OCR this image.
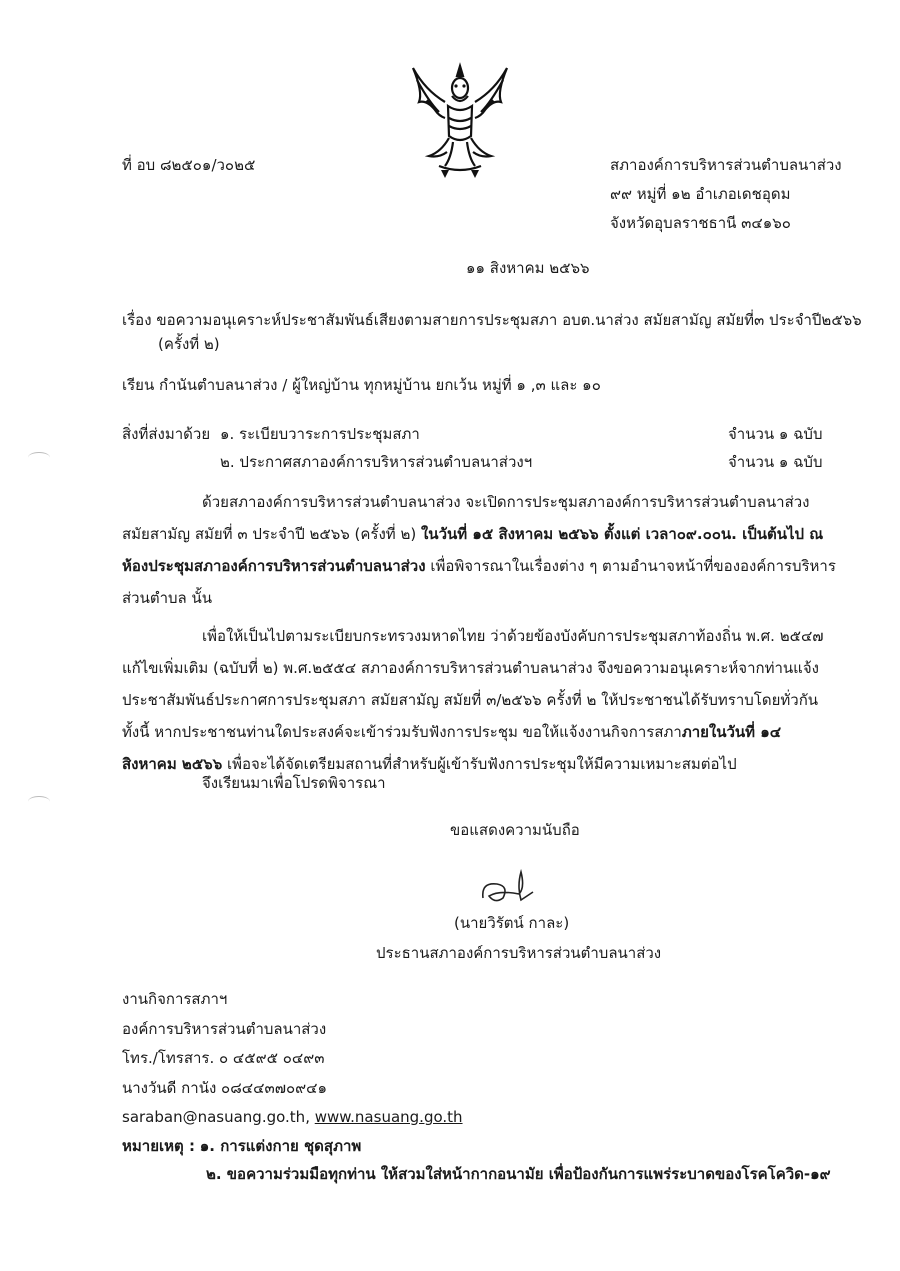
ที่ อบ ๘๒๕๐๑/ว๐๒๕	สภาองค์การบริหารส่วนตำบลนาส่วง
๙๙ หมู่ที่ ๑๒ อำเภอเดชอุดม
จังหวัดอุบลราชธานี ๓๔๑๖๐
๑๑ สิงหาคม ๒๕๖๖
เรื่อง ขอความอนุเคราะห์ประชาสัมพันธ์เสียงตามสายการประชุมสภา อบต.นาส่วง สมัยสามัญ สมัยที่๓ ประจำปี๒๕๖๖
(ครั้งที่ ๒)
เรียน กำนันตำบลนาส่วง / ผู้ใหญ่บ้าน ทุกหมู่บ้าน ยกเว้น หมู่ที่ ๑ ,๓ และ ๑๐
สิ่งที่ส่งมาด้วย ๑. ระเบียบวาระการประชุมสภา	จำนวน ๑ ฉบับ
๒. ประกาศสภาองค์การบริหารส่วนตำบลนาส่วงฯ	จำนวน ๑ ฉบับ
ด้วยสภาองค์การบริหารส่วนตำบลนาส่วง จะเปิดการประชุมสภาองค์การบริหารส่วนตำบลนาส่วง สมัยสามัญ สมัยที่ ๓ ประจำปี ๒๕๖๖ (ครั้งที่ ๒) ในวันที่ ๑๕ สิงหาคม ๒๕๖๖ ตั้งแต่ เวลา๐๙.๐๐น. เป็นต้นไป ณ ห้องประชุมสภาองค์การบริหารส่วนตำบลนาส่วง เพื่อพิจารณาในเรื่องต่าง ๆ ตามอำนาจหน้าที่ขององค์การบริหารส่วนตำบล นั้น
เพื่อให้เป็นไปตามระเบียบกระทรวงมหาดไทย ว่าด้วยข้องบังคับการประชุมสภาท้องถิ่น พ.ศ. ๒๕๔๗ แก้ไขเพิ่มเติม (ฉบับที่ ๒) พ.ศ.๒๕๕๔ สภาองค์การบริหารส่วนตำบลนาส่วง จึงขอความอนุเคราะห์จากท่านแจ้งประชาสัมพันธ์ประกาศการประชุมสภา สมัยสามัญ สมัยที่ ๓/๒๕๖๖ ครั้งที่ ๒ ให้ประชาชนได้รับทราบโดยทั่วกัน ทั้งนี้ หากประชาชนท่านใดประสงค์จะเข้าร่วมรับฟังการประชุม ขอให้แจ้งงานกิจการสภาภายในวันที่ ๑๔ สิงหาคม ๒๕๖๖ เพื่อจะได้จัดเตรียมสถานที่สำหรับผู้เข้ารับฟังการประชุมให้มีความเหมาะสมต่อไป
จึงเรียนมาเพื่อโปรดพิจารณา
ขอแสดงความนับถือ
(นายวิรัตน์ กาละ)
ประธานสภาองค์การบริหารส่วนตำบลนาส่วง
งานกิจการสภาฯ
องค์การบริหารส่วนตำบลนาส่วง
โทร./โทรสาร. ๐ ๔๕๙๕ ๐๔๙๓
นางวันดี กานัง ๐๘๔๔๓๗๐๙๔๑
saraban@nasuang.go.th, www.nasuang.go.th
หมายเหตุ : ๑. การแต่งกาย ชุดสุภาพ
๒. ขอความร่วมมือทุกท่าน ให้สวมใส่หน้ากากอนามัย เพื่อป้องกันการแพร่ระบาดของโรคโควิด-๑๙
